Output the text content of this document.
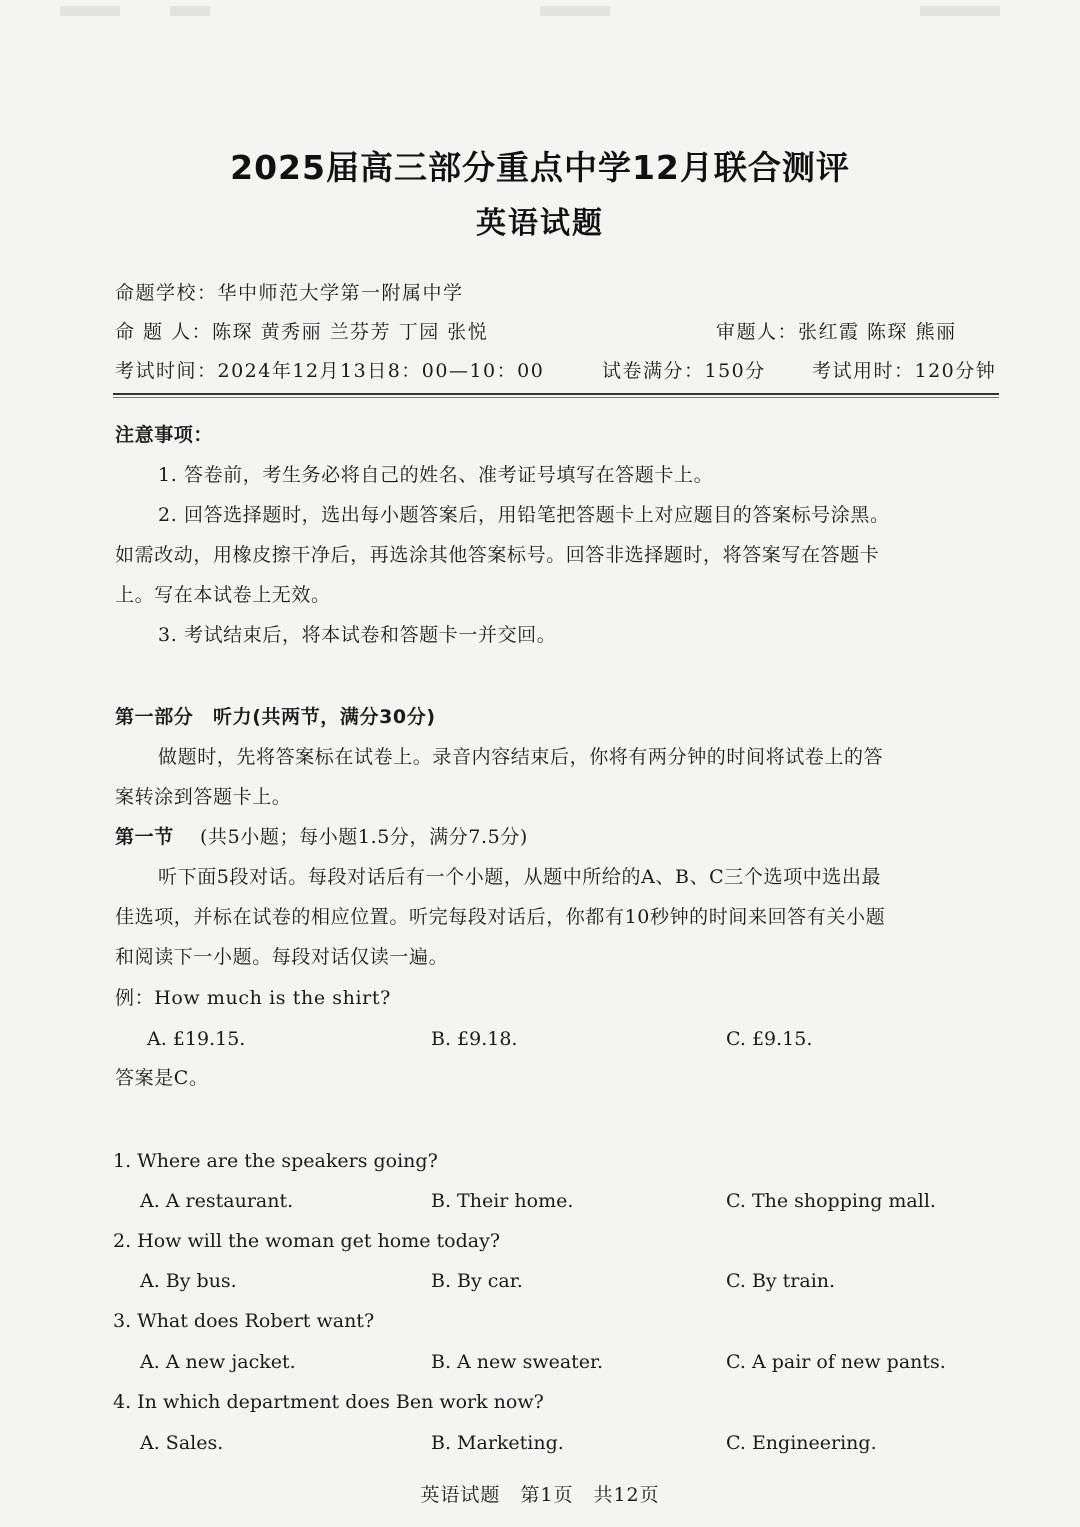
2025届高三部分重点中学12月联合测评
英语试题
命题学校：华中师范大学第一附属中学
命 题 人：陈琛 黄秀丽 兰芬芳 丁园 张悦	审题人：张红霞 陈琛 熊丽
考试时间：2024年12月13日8：00—10：00	试卷满分：150分 考试用时：120分钟
注意事项：
1. 答卷前，考生务必将自己的姓名、准考证号填写在答题卡上。
2. 回答选择题时，选出每小题答案后，用铅笔把答题卡上对应题目的答案标号涂黑。
如需改动，用橡皮擦干净后，再选涂其他答案标号。回答非选择题时，将答案写在答题卡
上。写在本试卷上无效。
3. 考试结束后，将本试卷和答题卡一并交回。
第一部分　听力(共两节，满分30分)
做题时，先将答案标在试卷上。录音内容结束后，你将有两分钟的时间将试卷上的答
案转涂到答题卡上。
第一节 (共5小题；每小题1.5分，满分7.5分)
听下面5段对话。每段对话后有一个小题，从题中所给的A、B、C三个选项中选出最
佳选项，并标在试卷的相应位置。听完每段对话后，你都有10秒钟的时间来回答有关小题
和阅读下一小题。每段对话仅读一遍。
例：How much is the shirt?
A. £19.15.	B. £9.18.	C. £9.15.
答案是C。
1. Where are the speakers going?
A. A restaurant.	B. Their home.	C. The shopping mall.
2. How will the woman get home today?
A. By bus.	B. By car.	C. By train.
3. What does Robert want?
A. A new jacket.	B. A new sweater.	C. A pair of new pants.
4. In which department does Ben work now?
A. Sales.	B. Marketing.	C. Engineering.
英语试题　第1页　共12页
